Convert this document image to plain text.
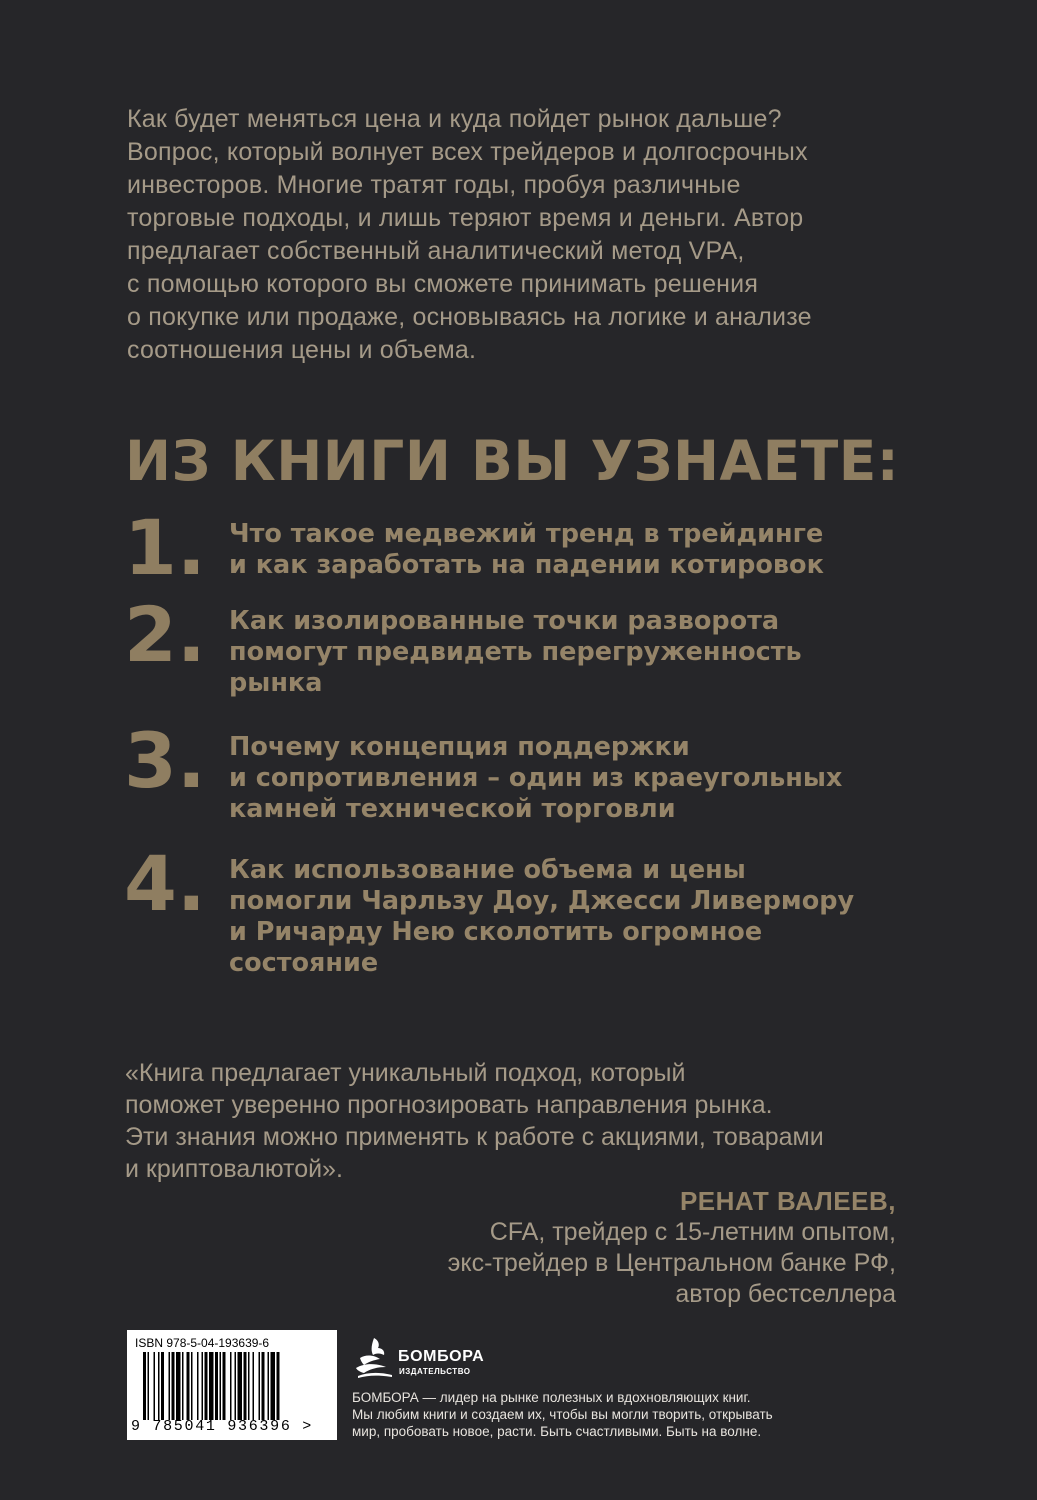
Как будет меняться цена и куда пойдет рынок дальше?
Вопрос, который волнует всех трейдеров и долгосрочных
инвесторов. Многие тратят годы, пробуя различные
торговые подходы, и лишь теряют время и деньги. Автор
предлагает собственный аналитический метод VPA,
с помощью которого вы сможете принимать решения
о покупке или продаже, основываясь на логике и анализе
соотношения цены и объема.
ИЗ КНИГИ ВЫ УЗНАЕТЕ:
1. Что такое медвежий тренд в трейдинге
и как заработать на падении котировок
2. Как изолированные точки разворота
помогут предвидеть перегруженность
рынка
3. Почему концепция поддержки
и сопротивления – один из краеугольных
камней технической торговли
4. Как использование объема и цены
помогли Чарльзу Доу, Джесси Ливермору
и Ричарду Нею сколотить огромное
состояние
«Книга предлагает уникальный подход, который
поможет уверенно прогнозировать направления рынка.
Эти знания можно применять к работе с акциями, товарами
и криптовалютой».
РЕНАТ ВАЛЕЕВ,
CFA, трейдер с 15-летним опытом,
экс-трейдер в Центральном банке РФ,
автор бестселлера
ISBN 978-5-04-193639-6
9 785041 936396 >
БОМБОРА
ИЗДАТЕЛЬСТВО
БОМБОРА — лидер на рынке полезных и вдохновляющих книг.
Мы любим книги и создаем их, чтобы вы могли творить, открывать
мир, пробовать новое, расти. Быть счастливыми. Быть на волне.
